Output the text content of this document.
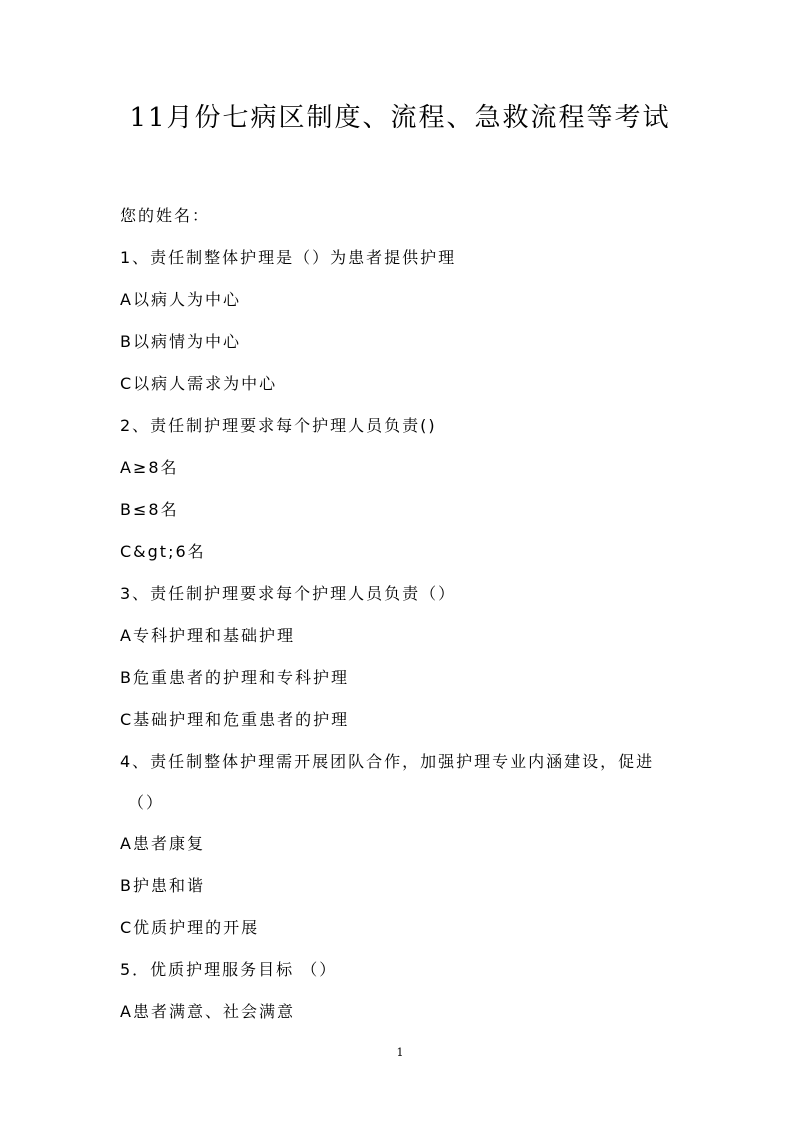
11月份七病区制度、流程、急救流程等考试
您的姓名：
1、责任制整体护理是（）为患者提供护理
A以病人为中心
B以病情为中心
C以病人需求为中心
2、责任制护理要求每个护理人员负责()
A≥8名
B≤8名
C&gt;6名
3、责任制护理要求每个护理人员负责（）
A专科护理和基础护理
B危重患者的护理和专科护理
C基础护理和危重患者的护理
4、责任制整体护理需开展团队合作，加强护理专业内涵建设，促进
（）
A患者康复
B护患和谐
C优质护理的开展
5．优质护理服务目标 （）
A患者满意、社会满意
1
